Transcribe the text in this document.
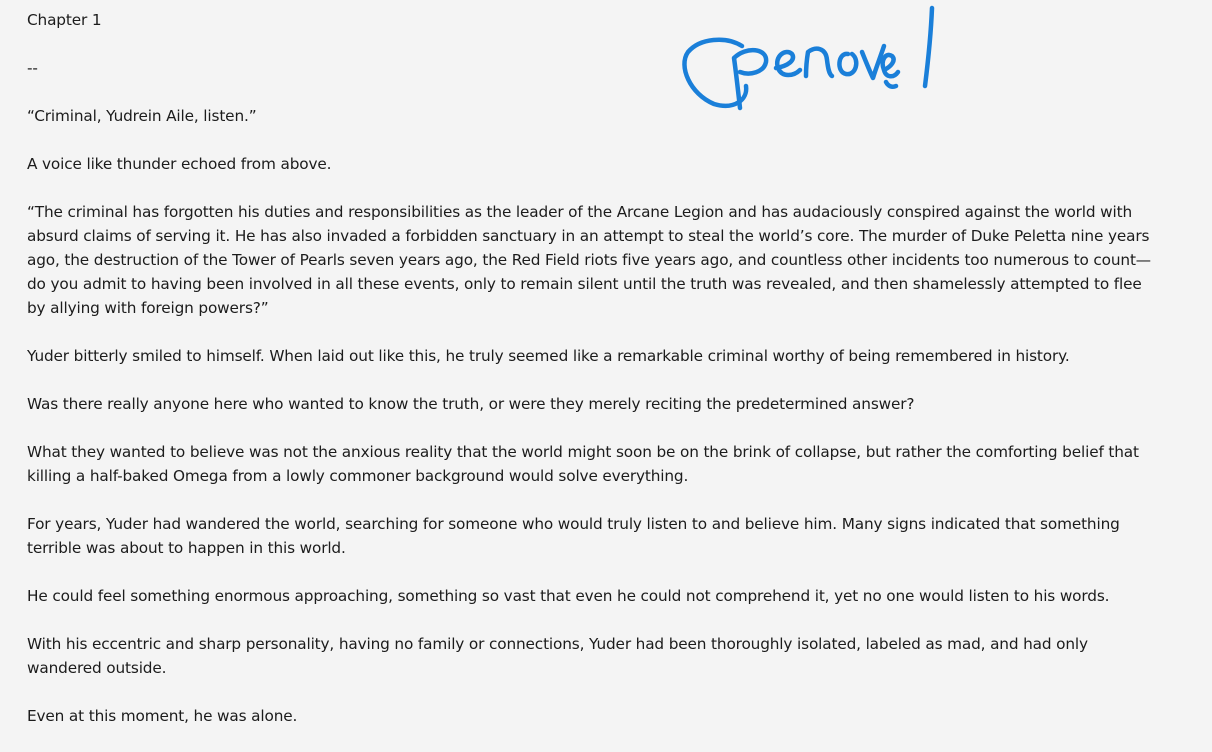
Chapter 1

--

“Criminal, Yudrein Aile, listen.”

A voice like thunder echoed from above.

“The criminal has forgotten his duties and responsibilities as the leader of the Arcane Legion and has audaciously conspired against the world with absurd claims of serving it. He has also invaded a forbidden sanctuary in an attempt to steal the world’s core. The murder of Duke Peletta nine years ago, the destruction of the Tower of Pearls seven years ago, the Red Field riots five years ago, and countless other incidents too numerous to count—do you admit to having been involved in all these events, only to remain silent until the truth was revealed, and then shamelessly attempted to flee by allying with foreign powers?”

Yuder bitterly smiled to himself. When laid out like this, he truly seemed like a remarkable criminal worthy of being remembered in history.

Was there really anyone here who wanted to know the truth, or were they merely reciting the predetermined answer?

What they wanted to believe was not the anxious reality that the world might soon be on the brink of collapse, but rather the comforting belief that killing a half-baked Omega from a lowly commoner background would solve everything.

For years, Yuder had wandered the world, searching for someone who would truly listen to and believe him. Many signs indicated that something terrible was about to happen in this world.

He could feel something enormous approaching, something so vast that even he could not comprehend it, yet no one would listen to his words.

With his eccentric and sharp personality, having no family or connections, Yuder had been thoroughly isolated, labeled as mad, and had only wandered outside.

Even at this moment, he was alone.
